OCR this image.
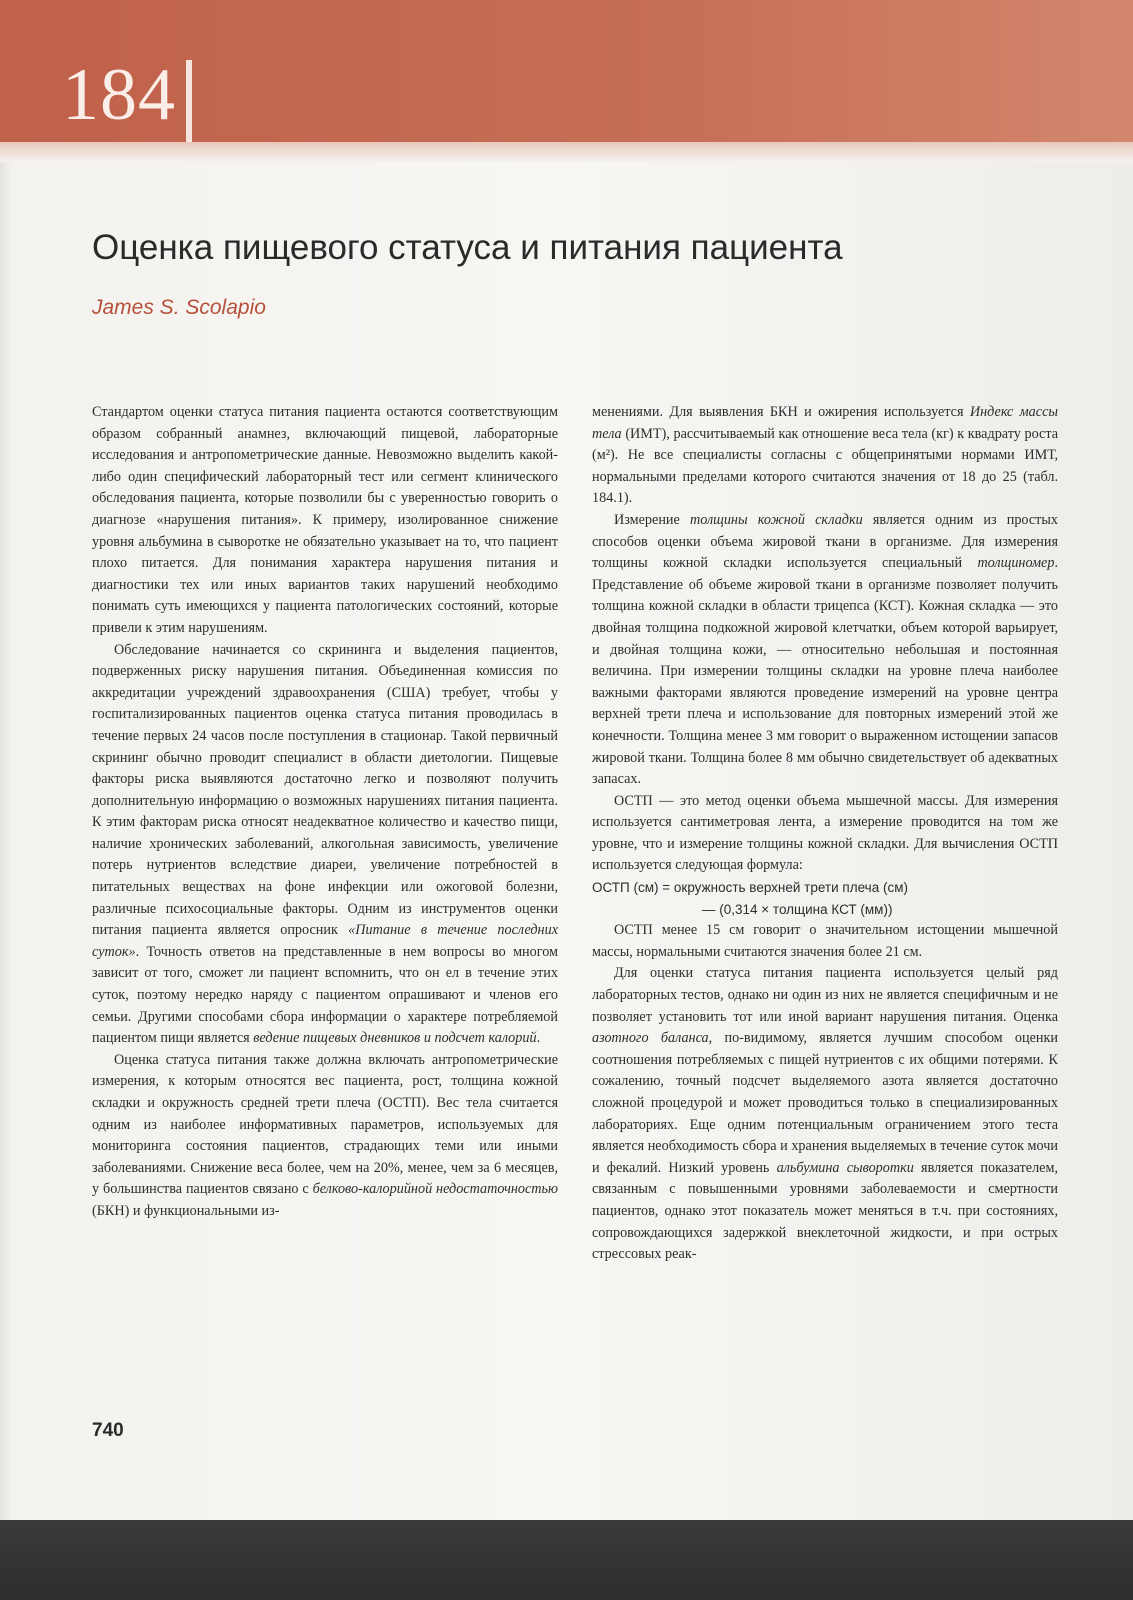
184
Оценка пищевого статуса и питания пациента
James S. Scolapio

Стандартом оценки статуса питания пациента остаются соответствующим образом собранный анамнез, включающий пищевой, лабораторные исследования и антропометрические данные. Невозможно выделить какой-либо один специфический лабораторный тест или сегмент клинического обследования пациента, которые позволили бы с уверенностью говорить о диагнозе «нарушения питания». К примеру, изолированное снижение уровня альбумина в сыворотке не обязательно указывает на то, что пациент плохо питается. Для понимания характера нарушения питания и диагностики тех или иных вариантов таких нарушений необходимо понимать суть имеющихся у пациента патологических состояний, которые привели к этим нарушениям.

Обследование начинается со скрининга и выделения пациентов, подверженных риску нарушения питания. Объединенная комиссия по аккредитации учреждений здравоохранения (США) требует, чтобы у госпитализированных пациентов оценка статуса питания проводилась в течение первых 24 часов после поступления в стационар. Такой первичный скрининг обычно проводит специалист в области диетологии. Пищевые факторы риска выявляются достаточно легко и позволяют получить дополнительную информацию о возможных нарушениях питания пациента. К этим факторам риска относят неадекватное количество и качество пищи, наличие хронических заболеваний, алкогольная зависимость, увеличение потерь нутриентов вследствие диареи, увеличение потребностей в питательных веществах на фоне инфекции или ожоговой болезни, различные психосоциальные факторы. Одним из инструментов оценки питания пациента является опросник «Питание в течение последних суток». Точность ответов на представленные в нем вопросы во многом зависит от того, сможет ли пациент вспомнить, что он ел в течение этих суток, поэтому нередко наряду с пациентом опрашивают и членов его семьи. Другими способами сбора информации о характере потребляемой пациентом пищи является ведение пищевых дневников и подсчет калорий.

Оценка статуса питания также должна включать антропометрические измерения, к которым относятся вес пациента, рост, толщина кожной складки и окружность средней трети плеча (ОСТП). Вес тела считается одним из наиболее информативных параметров, используемых для мониторинга состояния пациентов, страдающих теми или иными заболеваниями. Снижение веса более, чем на 20%, менее, чем за 6 месяцев, у большинства пациентов связано с белково-калорийной недостаточностью (БКН) и функциональными из-

менениями. Для выявления БКН и ожирения используется Индекс массы тела (ИМТ), рассчитываемый как отношение веса тела (кг) к квадрату роста (м²). Не все специалисты согласны с общепринятыми нормами ИМТ, нормальными пределами которого считаются значения от 18 до 25 (табл. 184.1).

Измерение толщины кожной складки является одним из простых способов оценки объема жировой ткани в организме. Для измерения толщины кожной складки используется специальный толщиномер. Представление об объеме жировой ткани в организме позволяет получить толщина кожной складки в области трицепса (КСТ). Кожная складка — это двойная толщина подкожной жировой клетчатки, объем которой варьирует, и двойная толщина кожи, — относительно небольшая и постоянная величина. При измерении толщины складки на уровне плеча наиболее важными факторами являются проведение измерений на уровне центра верхней трети плеча и использование для повторных измерений этой же конечности. Толщина менее 3 мм говорит о выраженном истощении запасов жировой ткани. Толщина более 8 мм обычно свидетельствует об адекватных запасах.

ОСТП — это метод оценки объема мышечной массы. Для измерения используется сантиметровая лента, а измерение проводится на том же уровне, что и измерение толщины кожной складки. Для вычисления ОСТП используется следующая формула:

ОСТП (см) = окружность верхней трети плеча (см)
— (0,314 × толщина КСТ (мм))

ОСТП менее 15 см говорит о значительном истощении мышечной массы, нормальными считаются значения более 21 см.

Для оценки статуса питания пациента используется целый ряд лабораторных тестов, однако ни один из них не является специфичным и не позволяет установить тот или иной вариант нарушения питания. Оценка азотного баланса, по-видимому, является лучшим способом оценки соотношения потребляемых с пищей нутриентов с их общими потерями. К сожалению, точный подсчет выделяемого азота является достаточно сложной процедурой и может проводиться только в специализированных лабораториях. Еще одним потенциальным ограничением этого теста является необходимость сбора и хранения выделяемых в течение суток мочи и фекалий. Низкий уровень альбумина сыворотки является показателем, связанным с повышенными уровнями заболеваемости и смертности пациентов, однако этот показатель может меняться в т.ч. при состояниях, сопровождающихся задержкой внеклеточной жидкости, и при острых стрессовых реак-

740
